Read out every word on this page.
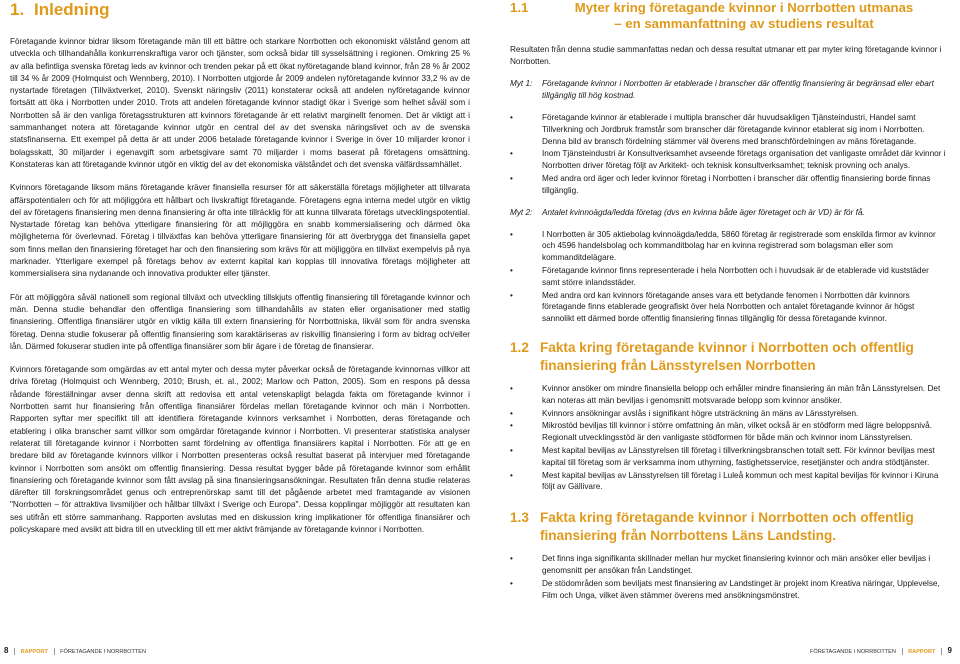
1. Inledning

Företagande kvinnor bidrar liksom företagande män till ett bättre och starkare Norrbotten och ekonomiskt välstånd genom att utveckla och tillhandahålla konkurrenskraftiga varor och tjänster, som också bidar till sysselsättning i regionen. Omkring 25 % av alla befintliga svenska företag leds av kvinnor och trenden pekar på ett ökat nyföretagande bland kvinnor, från 28 % år 2002 till 34 % år 2009 (Holmquist och Wennberg, 2010). I Norrbotten utgjorde år 2009 andelen nyföretagande kvinnor 33,2 % av de nystartade företagen (Tillväxtverket, 2010). Svenskt näringsliv (2011) konstaterar också att andelen nyföretagande kvinnor fortsätt att öka i Norrbotten under 2010. Trots att andelen företagande kvinnor stadigt ökar i Sverige som helhet såväl som i Norrbotten så är den vanliga företagsstrukturen att kvinnors företagande är ett relativt marginellt fenomen. Det är viktigt att i sammanhanget notera att företagande kvinnor utgör en central del av det svenska näringslivet och av de svenska statsfinanserna. Ett exempel på detta är att under 2006 betalade företagande kvinnor i Sverige in över 10 miljarder kronor i bolagsskatt, 30 miljarder i egenavgift som arbetsgivare samt 70 miljarder i moms baserat på företagens omsättning. Konstateras kan att företagande kvinnor utgör en viktig del av det ekonomiska välståndet och det svenska välfärdssamhället.

Kvinnors företagande liksom mäns företagande kräver finansiella resurser för att säkerställa företags möjligheter att tillvarata affärspotentialen och för att möjliggöra ett hållbart och livskraftigt företagande. Företagens egna interna medel utgör en viktig del av företagens finansiering men denna finansiering är ofta inte tillräcklig för att kunna tillvarata företags utvecklingspotential. Nystartade företag kan behöva ytterligare finansiering för att möjliggöra en snabb kommersialisering och därmed öka möjligheterna för överlevnad. Företag i tillväxtfas kan behöva ytterligare finansiering för att överbrygga det finansiella gapet som finns mellan den finansiering företaget har och den finansiering som krävs för att möjliggöra en tillväxt exempelvis på nya marknader. Ytterligare exempel på företags behov av externt kapital kan kopplas till innovativa företags möjligheter att kommersialisera sina nydanande och innovativa produkter eller tjänster.

För att möjliggöra såväl nationell som regional tillväxt och utveckling tillskjuts offentlig finansiering till företagande kvinnor och män. Denna studie behandlar den offentliga finansiering som tillhandahålls av staten eller organisationer med statlig finansiering. Offentliga finansiärer utgör en viktig källa till extern finansiering för Norrbottniska, likväl som för andra svenska företag. Denna studie fokuserar på offentlig finansiering som karaktäriseras av riskvillig finansiering i form av bidrag och/eller lån. Därmed fokuserar studien inte på offentliga finansiärer som blir ägare i de företag de finansierar.

Kvinnors företagande som omgärdas av ett antal myter och dessa myter påverkar också de företagande kvinnornas villkor att driva företag (Holmquist och Wennberg, 2010; Brush, et. al., 2002; Marlow och Patton, 2005). Som en respons på dessa rådande föreställningar avser denna skrift att redovisa ett antal vetenskapligt belagda fakta om företagande kvinnor i Norrbotten samt hur finansiering från offentliga finansiärer fördelas mellan företagande kvinnor och män i Norrbotten. Rapporten syftar mer specifikt till att identifiera företagande kvinnors verksamhet i Norrbotten, deras företagande och etablering i olika branscher samt villkor som omgärdar företagande kvinnor i Norrbotten. Vi presenterar statistiska analyser relaterat till företagande kvinnor i Norrbotten samt fördelning av offentliga finansiärers kapital i Norrbotten. För att ge en bredare bild av företagande kvinnors villkor i Norrbotten presenteras också resultat baserat på intervjuer med företagande kvinnor i Norrbotten som ansökt om offentlig finansiering. Dessa resultat bygger både på företagande kvinnor som erhållit finansiering och företagande kvinnor som fått avslag på sina finansieringsansökningar. Resultaten från denna studie relateras därefter till forskningsområdet genus och entreprenörskap samt till det pågående arbetet med framtagande av visionen "Norrbotten – för attraktiva livsmiljöer och hållbar tillväxt i Sverige och Europa". Dessa kopplingar möjliggör att resultaten kan ses utifrån ett större sammanhang. Rapporten avslutas med en diskussion kring implikationer för offentliga finansiärer och policyskapare med avsikt att bidra till en utveckling till ett mer aktivt främjande av företagande kvinnor i Norrbotten.

8 RAPPORT FÖRETAGANDE I NORRBOTTEN
1.1	Myter kring företagande kvinnor i Norrbotten utmanas
– en sammanfattning av studiens resultat

Resultaten från denna studie sammanfattas nedan och dessa resultat utmanar ett par myter kring företagande kvinnor i Norrbotten.

Myt 1:	Företagande kvinnor i Norrbotten är etablerade i branscher där offentlig finansiering är begränsad eller ebart tillgänglig till hög kostnad.
•	Företagande kvinnor är etablerade i multipla branscher där huvudsakligen Tjänsteindustri, Handel samt Tillverkning och Jordbruk framstår som branscher där företagande kvinnor etablerat sig inom i Norrbotten. Denna bild av bransch fördelning stämmer väl överens med branschfördelningen av mäns företagande.
•	Inom Tjänsteindustri är Konsultverksamhet avseende företags organisation det vanligaste området där kvinnor i Norrbotten driver företag följt av Arkitekt- och teknisk konsultverksamhet; teknisk provning och analys.
•	Med andra ord äger och leder kvinnor företag i Norrbotten i branscher där offentlig finansiering borde finnas tillgänglig.
Myt 2:	Antalet kvinnoägda/ledda företag (dvs en kvinna både äger företaget och är VD) är för få.
•	I Norrbotten är 305 aktiebolag kvinnoägda/ledda, 5860 företag är registrerade som enskilda firmor av kvinnor och 4596 handelsbolag och kommanditbolag har en kvinna registrerad som bolagsman eller som kommanditdelägare.
•	Företagande kvinnor finns representerade i hela Norrbotten och i huvudsak är de etablerade vid kuststäder samt större inlandsstäder.
•	Med andra ord kan kvinnors företagande anses vara ett betydande fenomen i Norrbotten där kvinnors företagande finns etablerade geografiskt över hela Norrbotten och antalet företagande kvinnor är högst sannolikt ett därmed borde offentlig finansiering finnas tillgänglig för dessa företagande kvinnor.
1.2 Fakta kring företagande kvinnor i Norrbotten och offentlig finansiering från Länsstyrelsen Norrbotten
•	Kvinnor ansöker om mindre finansiella belopp och erhåller mindre finansiering än män från Länsstyrelsen. Det kan noteras att män beviljas i genomsnitt motsvarade belopp som kvinnor ansöker.
•	Kvinnors ansökningar avslås i signifikant högre utsträckning än mäns av Länsstyrelsen.
•	Mikrostöd beviljas till kvinnor i större omfattning än män, vilket också är en stödform med lägre beloppsnivå. Regionalt utvecklingsstöd är den vanligaste stödformen för både män och kvinnor inom Länsstyrelsen.
•	Mest kapital beviljas av Länsstyrelsen till företag i tillverkningsbranschen totalt sett. För kvinnor beviljas mest kapital till företag som är verksamma inom uthyrning, fastighetsservice, resetjänster och andra stödtjänster.
•	Mest kapital beviljas av Länsstyrelsen till företag i Luleå kommun och mest kapital beviljas för kvinnor i Kiruna följt av Gällivare.
1.3 Fakta kring företagande kvinnor i Norrbotten och offentlig finansiering från Norrbottens Läns Landsting.
•	Det finns inga signifikanta skillnader mellan hur mycket finansiering kvinnor och män ansöker eller beviljas i genomsnitt per ansökan från Landstinget.
•	De stödområden som beviljats mest finansiering av Landstinget är projekt inom Kreativa näringar, Upplevelse, Film och Unga, vilket även stämmer överens med ansökningsmönstret.
FÖRETAGANDE I NORRBOTTEN RAPPORT 9
